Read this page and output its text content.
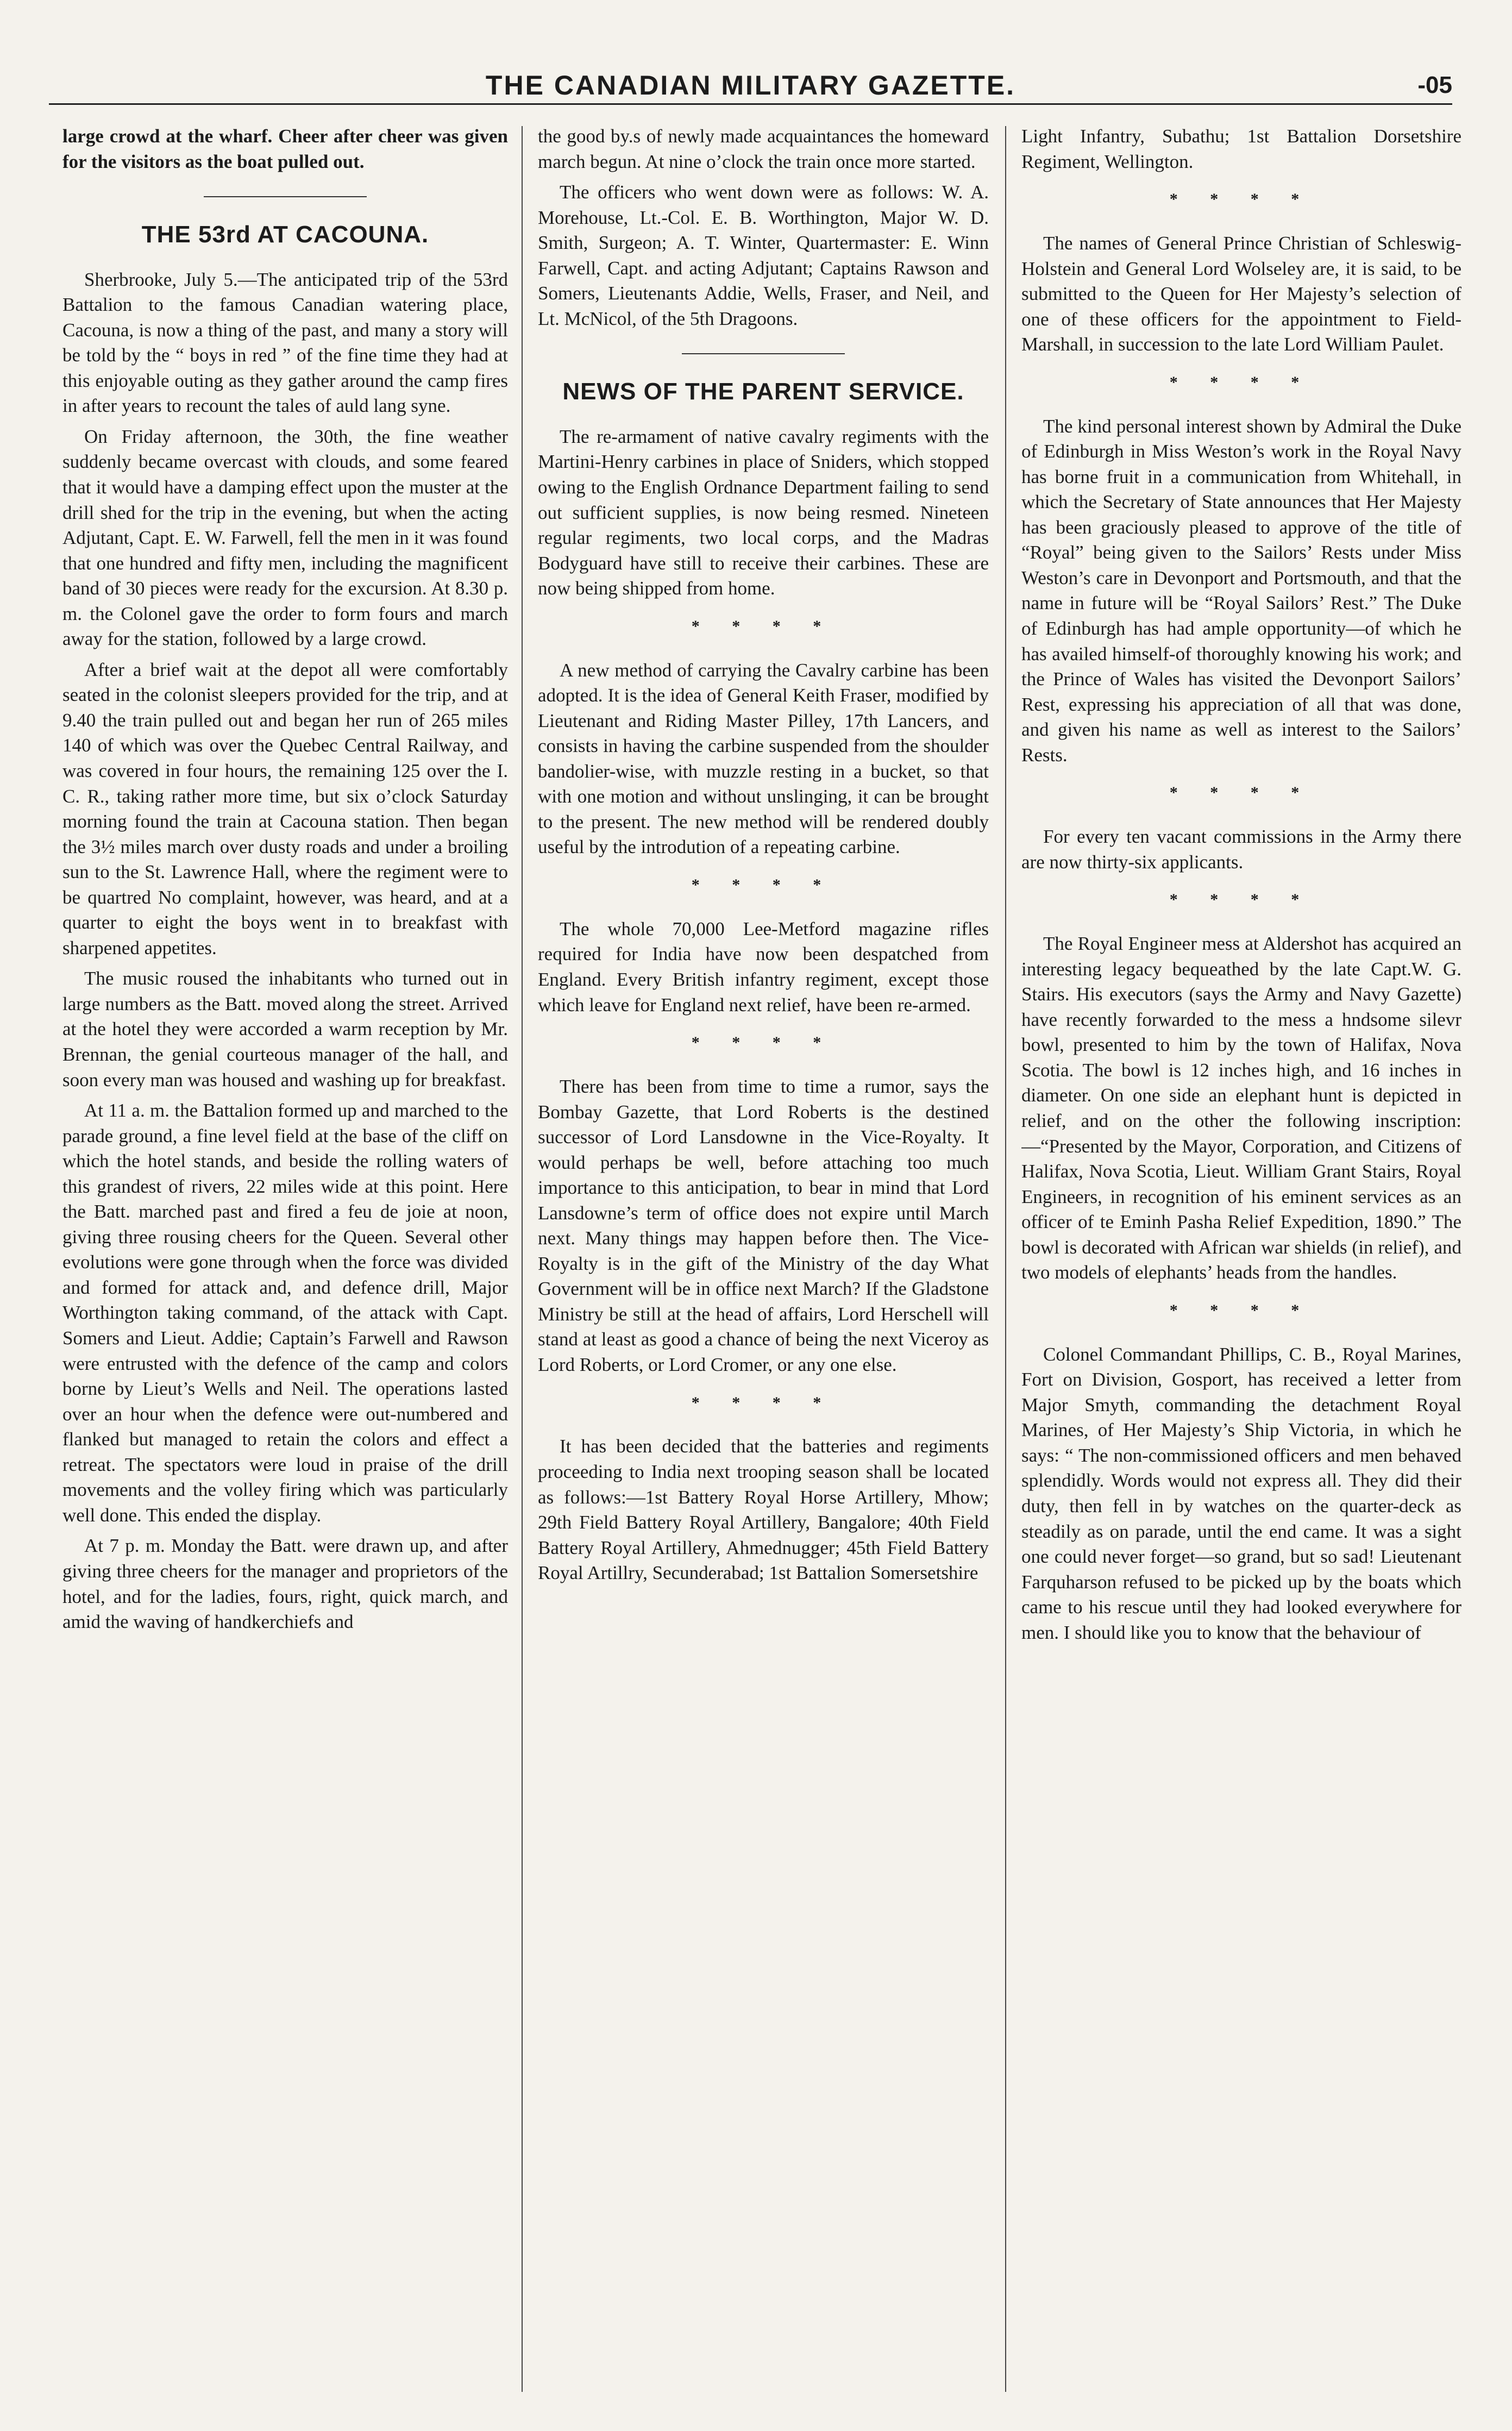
THE CANADIAN MILITARY GAZETTE.	-05

large crowd at the wharf. Cheer after cheer was given for the visitors as the boat pulled out.

THE 53rd AT CACOUNA.

Sherbrooke, July 5.—The anticipated trip of the 53rd Battalion to the famous Canadian watering place, Cacouna, is now a thing of the past, and many a story will be told by the “ boys in red ” of the fine time they had at this enjoyable outing as they gather around the camp fires in after years to recount the tales of auld lang syne.

On Friday afternoon, the 30th, the fine weather suddenly became overcast with clouds, and some feared that it would have a damping effect upon the muster at the drill shed for the trip in the evening, but when the acting Adjutant, Capt. E. W. Farwell, fell the men in it was found that one hundred and fifty men, including the magnificent band of 30 pieces were ready for the excursion. At 8.30 p. m. the Colonel gave the order to form fours and march away for the station, followed by a large crowd.

After a brief wait at the depot all were comfortably seated in the colonist sleepers provided for the trip, and at 9.40 the train pulled out and began her run of 265 miles 140 of which was over the Quebec Central Railway, and was covered in four hours, the remaining 125 over the I. C. R., taking rather more time, but six o’clock Saturday morning found the train at Cacouna station. Then began the 3½ miles march over dusty roads and under a broiling sun to the St. Lawrence Hall, where the regiment were to be quartred No complaint, however, was heard, and at a quarter to eight the boys went in to breakfast with sharpened appetites.

The music roused the inhabitants who turned out in large numbers as the Batt. moved along the street. Arrived at the hotel they were accorded a warm reception by Mr. Brennan, the genial courteous manager of the hall, and soon every man was housed and washing up for breakfast.

At 11 a. m. the Battalion formed up and marched to the parade ground, a fine level field at the base of the cliff on which the hotel stands, and beside the rolling waters of this grandest of rivers, 22 miles wide at this point. Here the Batt. marched past and fired a feu de joie at noon, giving three rousing cheers for the Queen. Several other evolutions were gone through when the force was divided and formed for attack and, and defence drill, Major Worthington taking command, of the attack with Capt. Somers and Lieut. Addie; Captain’s Farwell and Rawson were entrusted with the defence of the camp and colors borne by Lieut’s Wells and Neil. The operations lasted over an hour when the defence were out-numbered and flanked but managed to retain the colors and effect a retreat. The spectators were loud in praise of the drill movements and the volley firing which was particularly well done. This ended the display.

At 7 p. m. Monday the Batt. were drawn up, and after giving three cheers for the manager and proprietors of the hotel, and for the ladies, fours, right, quick march, and amid the waving of handkerchiefs and

the good by.s of newly made acquaintances the homeward march begun. At nine o’clock the train once more started.

The officers who went down were as follows: W. A. Morehouse, Lt.-Col. E. B. Worthington, Major W. D. Smith, Surgeon; A. T. Winter, Quartermaster: E. Winn Farwell, Capt. and acting Adjutant; Captains Rawson and Somers, Lieutenants Addie, Wells, Fraser, and Neil, and Lt. McNicol, of the 5th Dragoons.

NEWS OF THE PARENT SERVICE.

The re-armament of native cavalry regiments with the Martini-Henry carbines in place of Sniders, which stopped owing to the English Ordnance Department failing to send out sufficient supplies, is now being resmed. Nineteen regular regiments, two local corps, and the Madras Bodyguard have still to receive their carbines. These are now being shipped from home.

* * * *

A new method of carrying the Cavalry carbine has been adopted. It is the idea of General Keith Fraser, modified by Lieutenant and Riding Master Pilley, 17th Lancers, and consists in having the carbine suspended from the shoulder bandolier-wise, with muzzle resting in a bucket, so that with one motion and without unslinging, it can be brought to the present. The new method will be rendered doubly useful by the introdution of a repeating carbine.

* * * *

The whole 70,000 Lee-Metford magazine rifles required for India have now been despatched from England. Every British infantry regiment, except those which leave for England next relief, have been re-armed.

* * * *

There has been from time to time a rumor, says the Bombay Gazette, that Lord Roberts is the destined successor of Lord Lansdowne in the Vice-Royalty. It would perhaps be well, before attaching too much importance to this anticipation, to bear in mind that Lord Lansdowne’s term of office does not expire until March next. Many things may happen before then. The Vice-Royalty is in the gift of the Ministry of the day What Government will be in office next March? If the Gladstone Ministry be still at the head of affairs, Lord Herschell will stand at least as good a chance of being the next Viceroy as Lord Roberts, or Lord Cromer, or any one else.

* * * *

It has been decided that the batteries and regiments proceeding to India next trooping season shall be located as follows:—1st Battery Royal Horse Artillery, Mhow; 29th Field Battery Royal Artillery, Bangalore; 40th Field Battery Royal Artillery, Ahmednugger; 45th Field Battery Royal Artillry, Secunderabad; 1st Battalion Somersetshire

Light Infantry, Subathu; 1st Battalion Dorsetshire Regiment, Wellington.

* * * *

The names of General Prince Christian of Schleswig-Holstein and General Lord Wolseley are, it is said, to be submitted to the Queen for Her Majesty’s selection of one of these officers for the appointment to Field-Marshall, in succession to the late Lord William Paulet.

* * * *

The kind personal interest shown by Admiral the Duke of Edinburgh in Miss Weston’s work in the Royal Navy has borne fruit in a communication from Whitehall, in which the Secretary of State announces that Her Majesty has been graciously pleased to approve of the title of “Royal” being given to the Sailors’ Rests under Miss Weston’s care in Devonport and Portsmouth, and that the name in future will be “Royal Sailors’ Rest.” The Duke of Edinburgh has had ample opportunity—of which he has availed himself-of thoroughly knowing his work; and the Prince of Wales has visited the Devonport Sailors’ Rest, expressing his appreciation of all that was done, and given his name as well as interest to the Sailors’ Rests.

* * * *

For every ten vacant commissions in the Army there are now thirty-six applicants.

* * * *

The Royal Engineer mess at Aldershot has acquired an interesting legacy bequeathed by the late Capt.W. G. Stairs. His executors (says the Army and Navy Gazette) have recently forwarded to the mess a hndsome silevr bowl, presented to him by the town of Halifax, Nova Scotia. The bowl is 12 inches high, and 16 inches in diameter. On one side an elephant hunt is depicted in relief, and on the other the following inscription:—“Presented by the Mayor, Corporation, and Citizens of Halifax, Nova Scotia, Lieut. William Grant Stairs, Royal Engineers, in recognition of his eminent services as an officer of te Eminh Pasha Relief Expedition, 1890.” The bowl is decorated with African war shields (in relief), and two models of elephants’ heads from the handles.

* * * *

Colonel Commandant Phillips, C. B., Royal Marines, Fort on Division, Gosport, has received a letter from Major Smyth, commanding the detachment Royal Marines, of Her Majesty’s Ship Victoria, in which he says: “ The non-commissioned officers and men behaved splendidly. Words would not express all. They did their duty, then fell in by watches on the quarter-deck as steadily as on parade, until the end came. It was a sight one could never forget—so grand, but so sad! Lieutenant Farquharson refused to be picked up by the boats which came to his rescue until they had looked everywhere for men. I should like you to know that the behaviour of
